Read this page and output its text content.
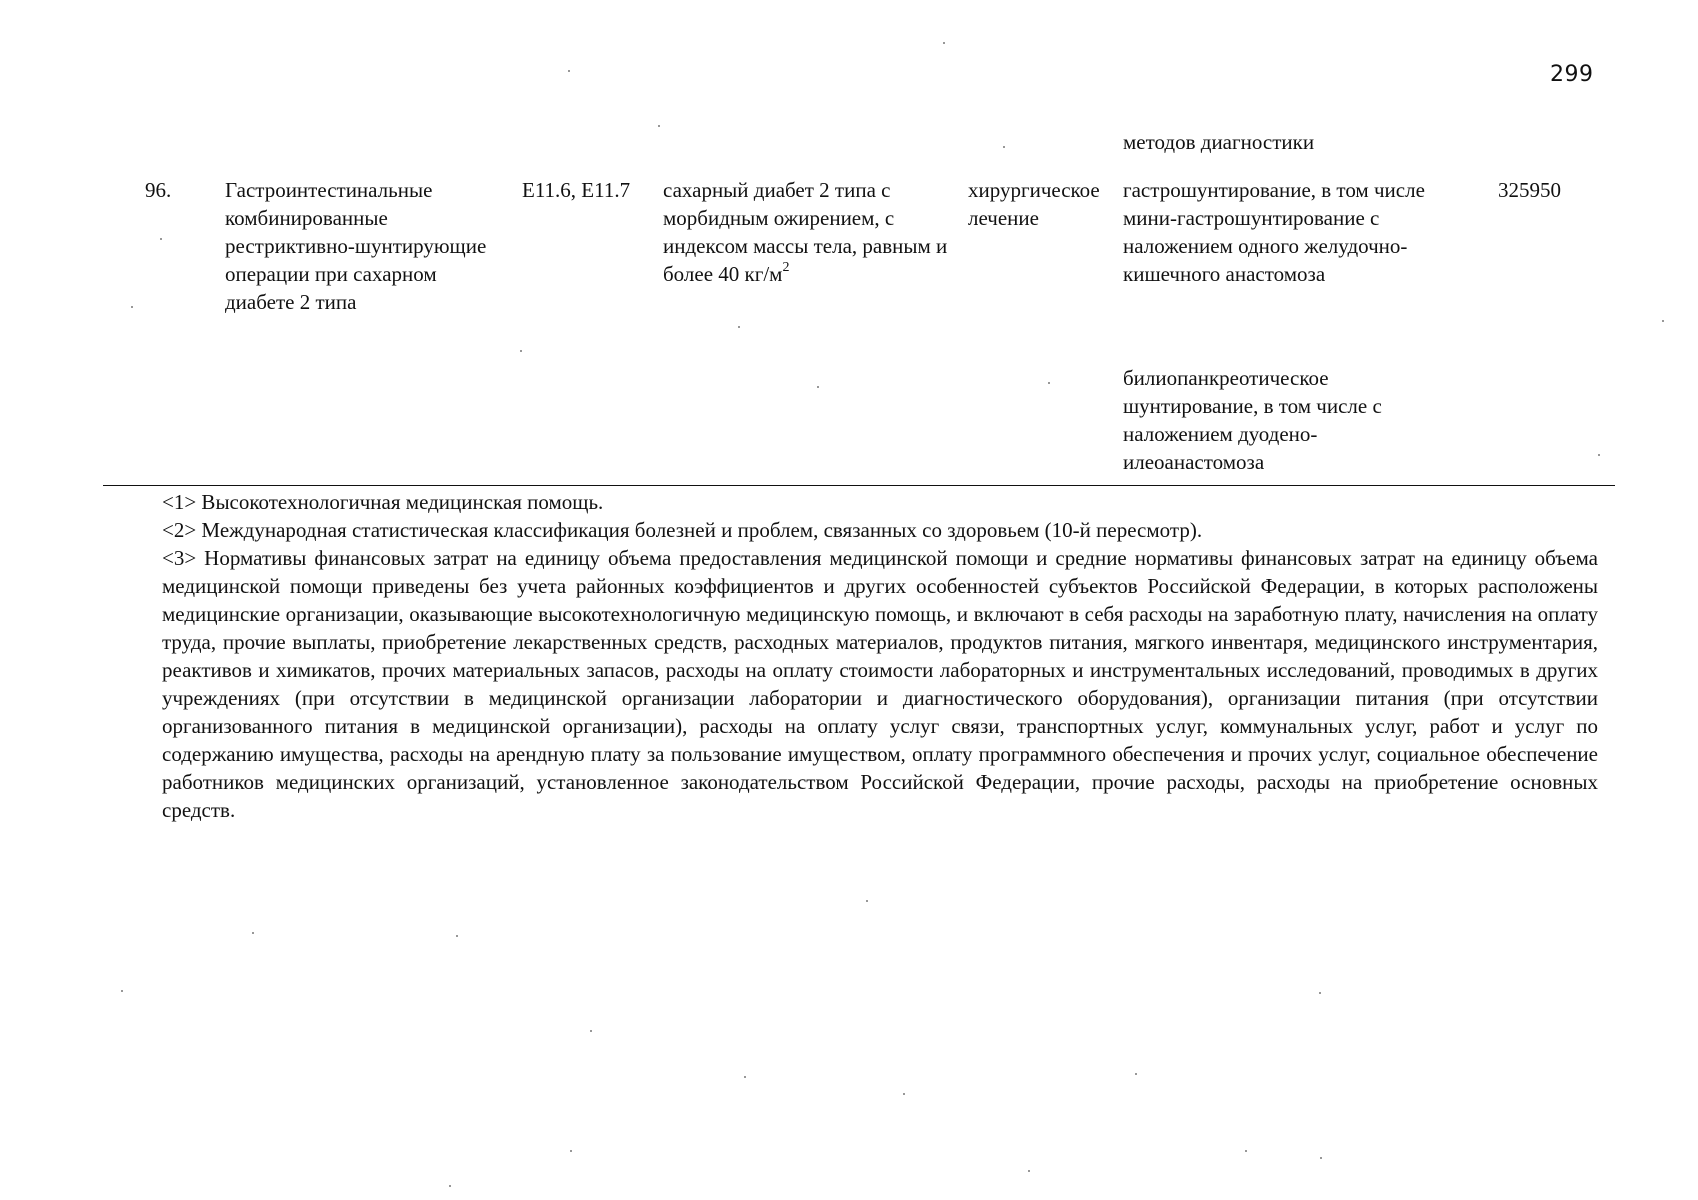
299
методов диагностики
96.	Гастроинтестинальные комбинированные рестриктивно-шунтирующие операции при сахарном диабете 2 типа
E11.6, E11.7 сахарный диабет 2 типа с морбидным ожирением, с индексом массы тела, равным и более 40 $кг/м^2$
хирургическое лечение
гастрошунтирование, в том числе мини-гастрошунтирование с наложением одного желудочно-кишечного анастомоза
билиопанкреотическое шунтирование, в том числе с наложением дуодено-илеоанастомоза
325950

<1> Высокотехнологичная медицинская помощь.

<2> Международная статистическая классификация болезней и проблем, связанных со здоровьем (10-й пересмотр).

<3> Нормативы финансовых затрат на единицу объема предоставления медицинской помощи и средние нормативы финансовых затрат на единицу объема медицинской помощи приведены без учета районных коэффициентов и других особенностей субъектов Российской Федерации, в которых расположены медицинские организации, оказывающие высокотехнологичную медицинскую помощь, и включают в себя расходы на заработную плату, начисления на оплату труда, прочие выплаты, приобретение лекарственных средств, расходных материалов, продуктов питания, мягкого инвентаря, медицинского инструментария, реактивов и химикатов, прочих материальных запасов, расходы на оплату стоимости лабораторных и инструментальных исследований, проводимых в других учреждениях (при отсутствии в медицинской организации лаборатории и диагностического оборудования), организации питания (при отсутствии организованного питания в медицинской организации), расходы на оплату услуг связи, транспортных услуг, коммунальных услуг, работ и услуг по содержанию имущества, расходы на арендную плату за пользование имуществом, оплату программного обеспечения и прочих услуг, социальное обеспечение работников медицинских организаций, установленное законодательством Российской Федерации, прочие расходы, расходы на приобретение основных средств.
